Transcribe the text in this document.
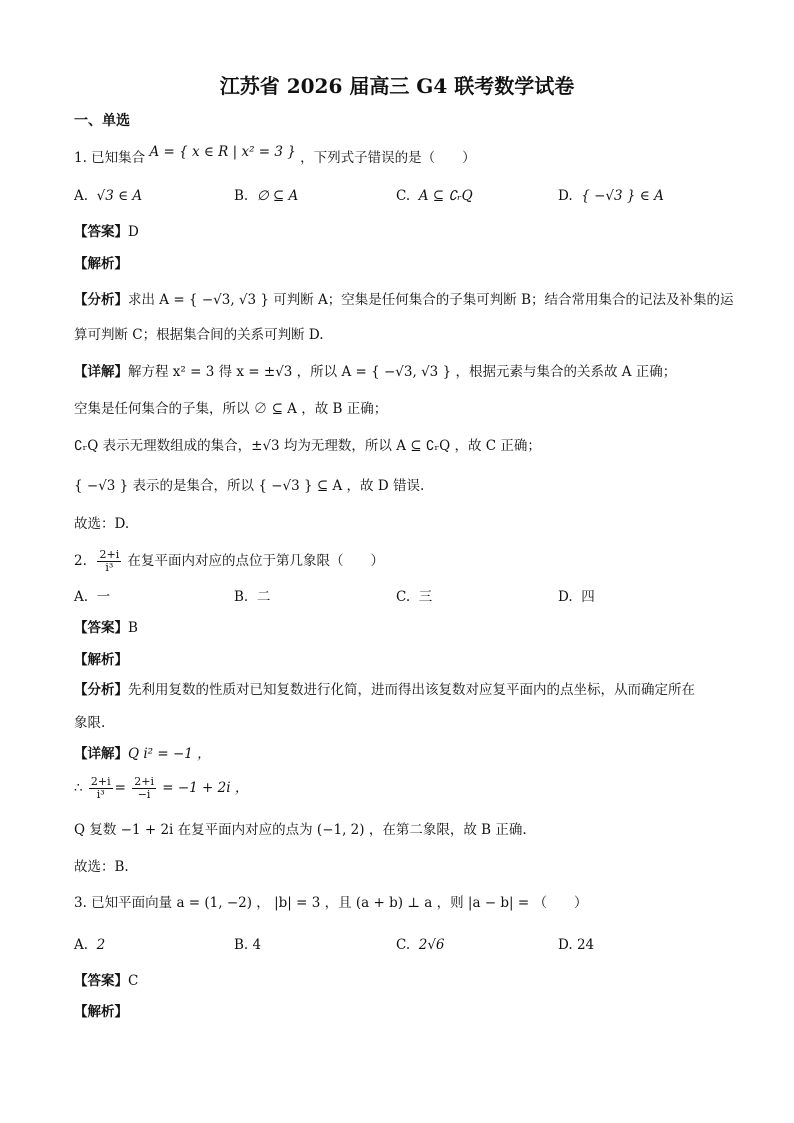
江苏省 2026 届高三 G4 联考数学试卷
一、单选
1. 已知集合 A = { x ∈ R | x² = 3 } ，下列式子错误的是（　　）
A. √3 ∈ A	B. ∅ ⊆ A	C. A ⊆ ∁ᵣQ	D. { −√3 } ∈ A
【答案】D
【解析】
【分析】求出 A = { −√3, √3 } 可判断 A；空集是任何集合的子集可判断 B；结合常用集合的记法及补集的运
算可判断 C；根据集合间的关系可判断 D.
【详解】解方程 x² = 3 得 x = ±√3 ，所以 A = { −√3, √3 } ，根据元素与集合的关系故 A 正确；
空集是任何集合的子集，所以 ∅ ⊆ A ，故 B 正确；
∁ᵣQ 表示无理数组成的集合，±√3 均为无理数，所以 A ⊆ ∁ᵣQ ，故 C 正确；
{ −√3 } 表示的是集合，所以 { −√3 } ⊆ A ，故 D 错误.
故选：D.
2. $\frac{2+i}{\text{i³}}$ 在复平面内对应的点位于第几象限（　　）
A. 一	B. 二	C. 三	D. 四
【答案】B
【解析】
【分析】先利用复数的性质对已知复数进行化简，进而得出该复数对应复平面内的点坐标，从而确定所在
象限.
【详解】Q i² = −1 ，
∴ $\frac{2+i}{\text{i³}} = \frac{2+i}{-i} = -1 + 2i$ ，
Q 复数 −1 + 2i 在复平面内对应的点为 (−1, 2) ，在第二象限，故 B 正确.
故选：B.
3. 已知平面向量 a = (1, −2) ， |b| = 3 ，且 (a + b) ⊥ a ，则 |a − b| = （　　）
A. 2	B. 4	C. 2√6	D. 24
【答案】C
【解析】
